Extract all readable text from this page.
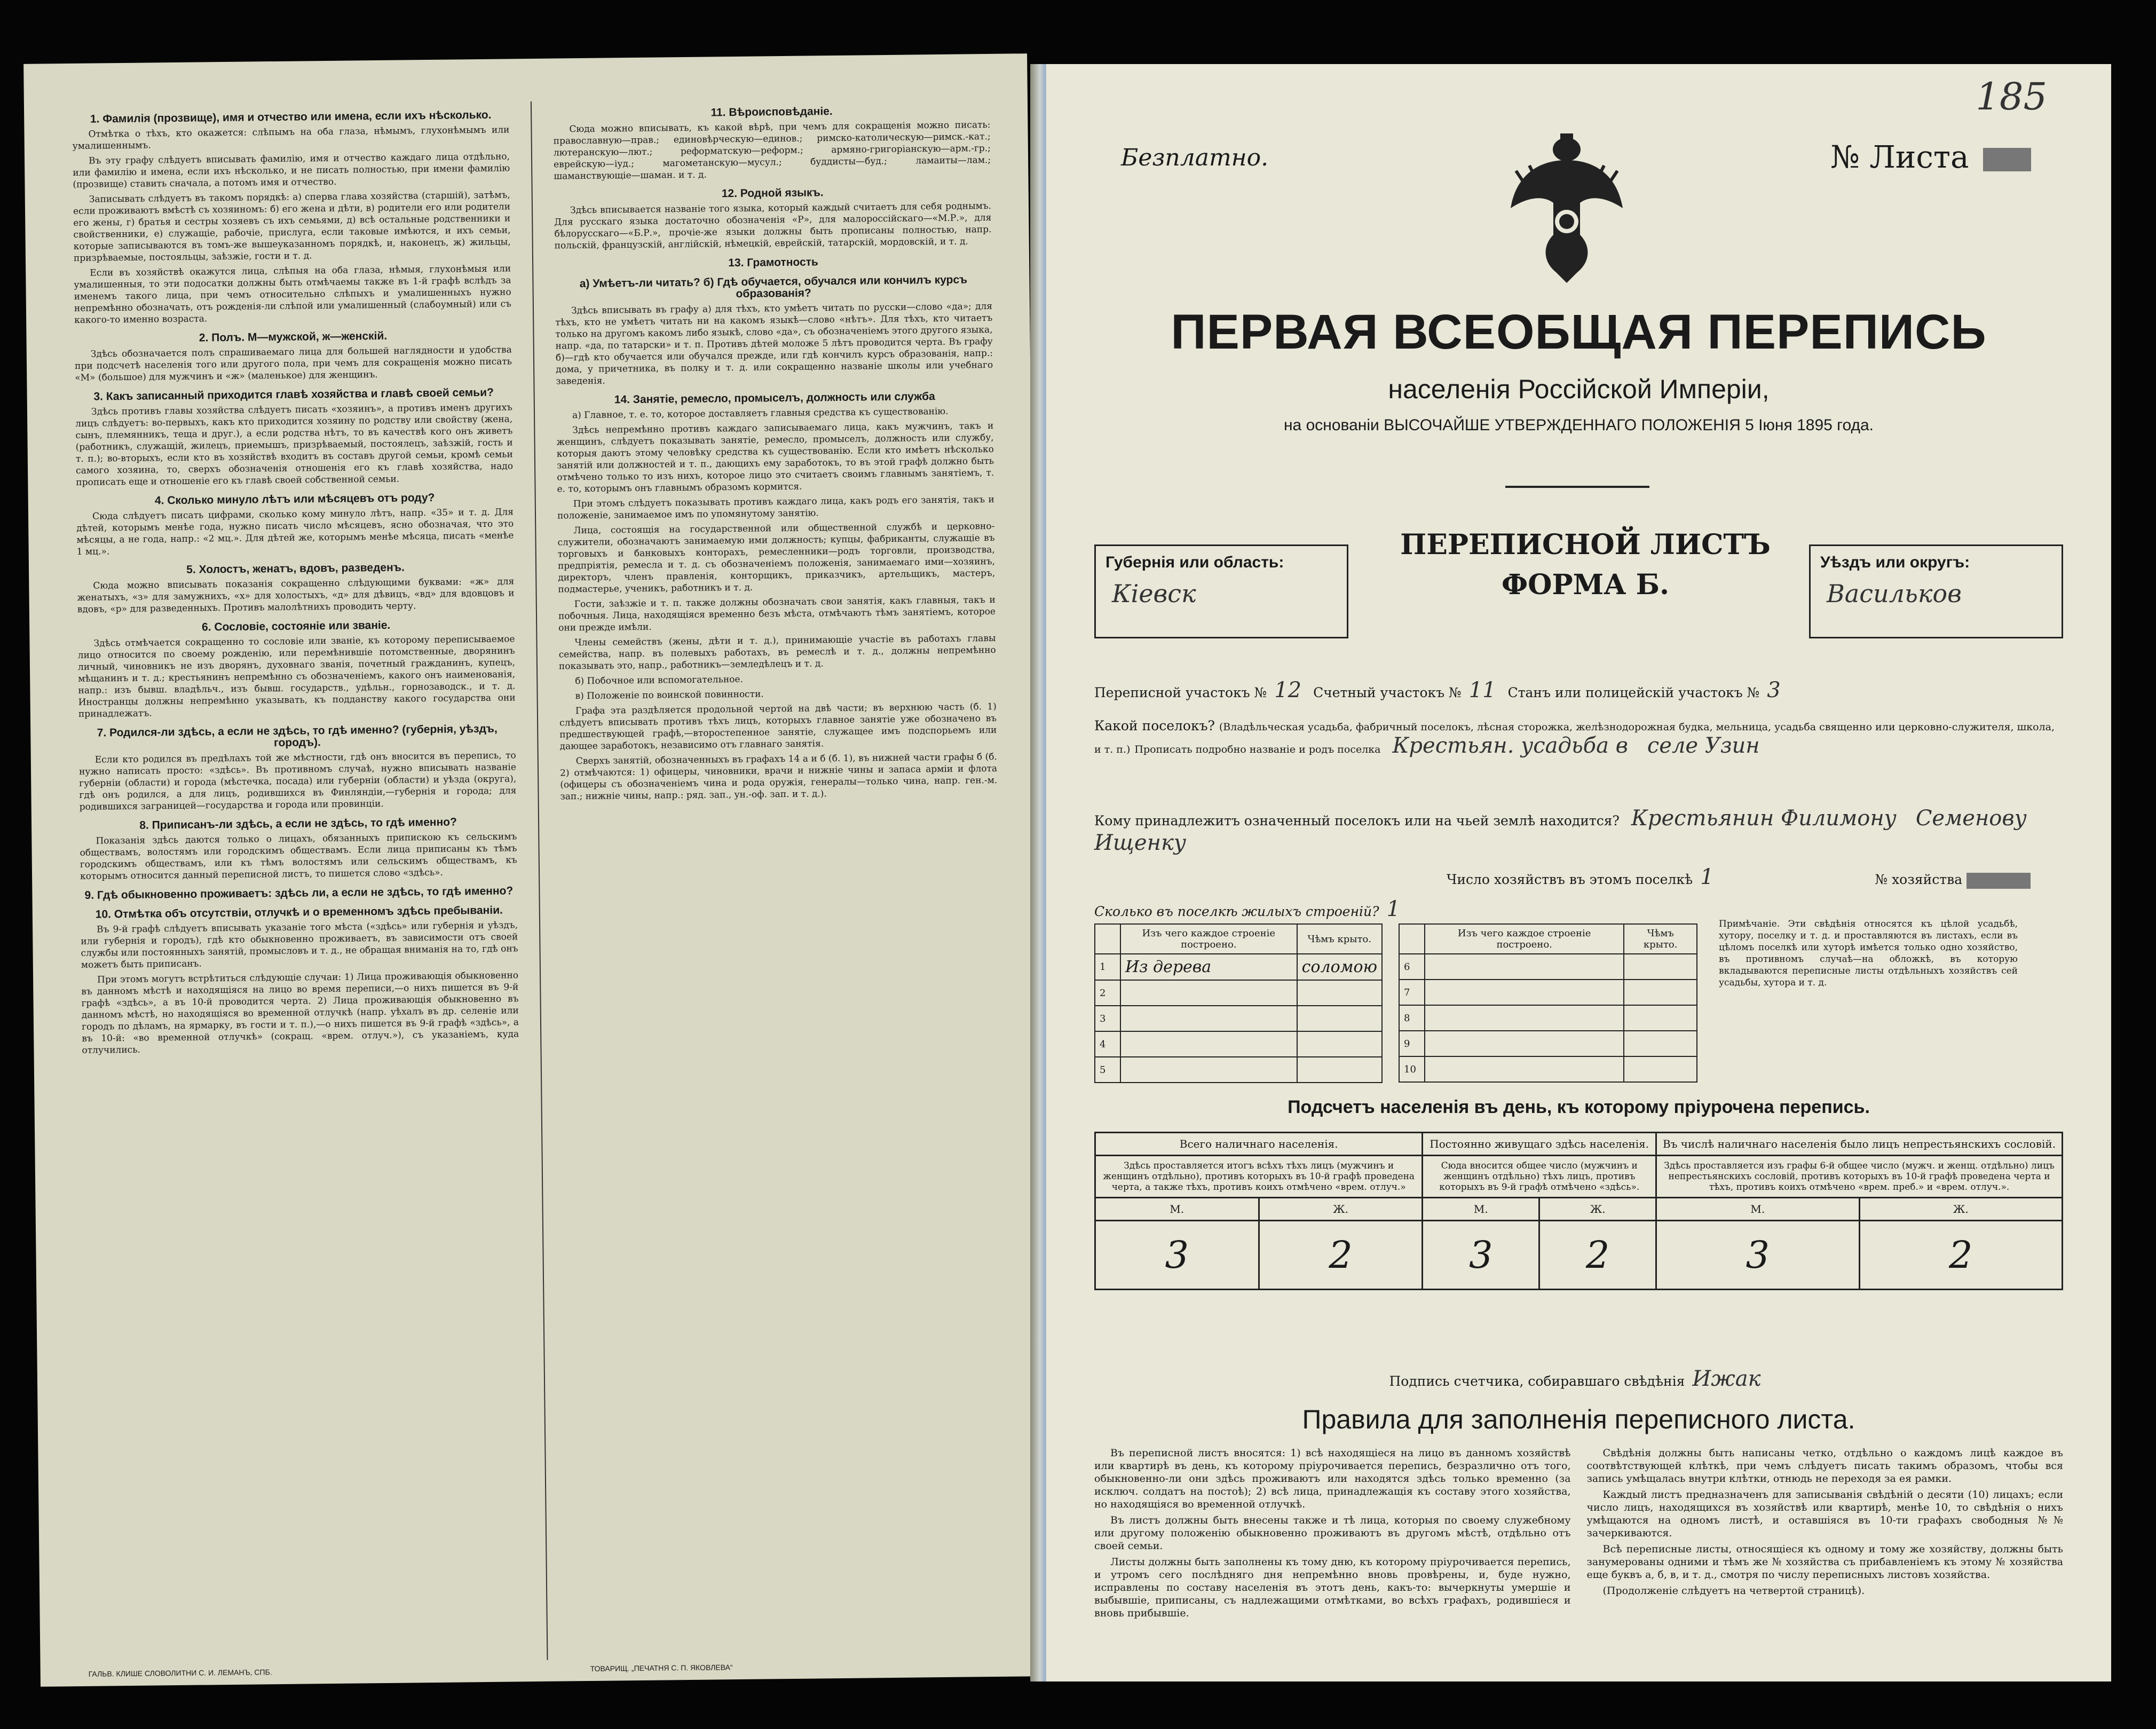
1. Фамилія (прозвище), имя и отчество или имена, если ихъ нѣсколько.

Отмѣтка о тѣхъ, кто окажется: слѣпымъ на оба глаза, нѣмымъ, глухонѣмымъ или умалишеннымъ.

Въ эту графу слѣдуетъ вписывать фамилію, имя и отчество каждаго лица отдѣльно, или фамилію и имена, если ихъ нѣсколько, и не писать полностью, при имени фамилію (прозвище) ставить сначала, а потомъ имя и отчество.

Записывать слѣдуетъ въ такомъ порядкѣ: а) сперва глава хозяйства (старшій), затѣмъ, если проживаютъ вмѣстѣ съ хозяиномъ: б) его жена и дѣти, в) родители его или родители его жены, г) братья и сестры хозяевъ съ ихъ семьями, д) всѣ остальные родственники и свойственники, е) служащіе, рабочіе, прислуга, если таковые имѣются, и ихъ семьи, которые записываются въ томъ-же вышеуказанномъ порядкѣ, и, наконецъ, ж) жильцы, призрѣваемые, постояльцы, заѣзжіе, гости и т. д.

Если въ хозяйствѣ окажутся лица, слѣпыя на оба глаза, нѣмыя, глухонѣмыя или умалишенныя, то эти подосатки должны быть отмѣчаемы также въ 1-й графѣ вслѣдъ за именемъ такого лица, при чемъ относительно слѣпыхъ и умалишенныхъ нужно непремѣнно обозначать, отъ рожденія-ли слѣпой или умалишенный (слабоумный) или съ какого-то именно возраста.

2. Полъ. М—мужской, ж—женскій.

Здѣсь обозначается полъ спрашиваемаго лица для большей наглядности и удобства при подсчетѣ населенія того или другого пола, при чемъ для сокращенія можно писать «М» (большое) для мужчинъ и «ж» (маленькое) для женщинъ.

3. Какъ записанный приходится главѣ хозяйства и главѣ своей семьи?

Здѣсь противъ главы хозяйства слѣдуетъ писать «хозяинъ», а противъ именъ другихъ лицъ слѣдуетъ: во-первыхъ, какъ кто приходится хозяину по родству или свойству (жена, сынъ, племянникъ, теща и друг.), а если родства нѣтъ, то въ качествѣ кого онъ живетъ (работникъ, служащій, жилецъ, приемышъ, призрѣваемый, постоялецъ, заѣзжій, гость и т. п.); во-вторыхъ, если кто въ хозяйствѣ входитъ въ составъ другой семьи, кромѣ семьи самого хозяина, то, сверхъ обозначенія отношенія его къ главѣ хозяйства, надо прописать еще и отношеніе его къ главѣ своей собственной семьи.

4. Сколько минуло лѣтъ или мѣсяцевъ отъ роду?

Сюда слѣдуетъ писать цифрами, сколько кому минуло лѣтъ, напр. «35» и т. д. Для дѣтей, которымъ менѣе года, нужно писать число мѣсяцевъ, ясно обозначая, что это мѣсяцы, а не года, напр.: «2 мц.». Для дѣтей же, которымъ менѣе мѣсяца, писать «менѣе 1 мц.».

5. Холостъ, женатъ, вдовъ, разведенъ.

Сюда можно вписывать показанія сокращенно слѣдующими буквами: «ж» для женатыхъ, «з» для замужнихъ, «х» для холостыхъ, «д» для дѣвицъ, «вд» для вдовцовъ и вдовъ, «р» для разведенныхъ. Противъ малолѣтнихъ проводить черту.

6. Сословіе, состояніе или званіе.

Здѣсь отмѣчается сокращенно то сословіе или званіе, къ которому переписываемое лицо относится по своему рожденію, или перемѣнившіе потомственные, дворянинъ личный, чиновникъ не изъ дворянъ, духовнаго званія, почетный гражданинъ, купецъ, мѣщанинъ и т. д.; крестьянинъ непремѣнно съ обозначеніемъ, какого онъ наименованія, напр.: изъ бывш. владѣльч., изъ бывш. государств., удѣльн., горнозаводск., и т. д. Иностранцы должны непремѣнно указывать, къ подданству какого государства они принадлежатъ.

7. Родился-ли здѣсь, а если не здѣсь, то гдѣ именно? (губернія, уѣздъ, городъ).

Если кто родился въ предѣлахъ той же мѣстности, гдѣ онъ вносится въ перепись, то нужно написать просто: «здѣсь». Въ противномъ случаѣ, нужно вписывать названіе губерніи (области) и города (мѣстечка, посада) или губерніи (области) и уѣзда (округа), гдѣ онъ родился, а для лицъ, родившихся въ Финляндіи,—губернія и города; для родившихся заграницей—государства и города или провинціи.

8. Приписанъ-ли здѣсь, а если не здѣсь, то гдѣ именно?

Показанія здѣсь даются только о лицахъ, обязанныхъ припискою къ сельскимъ обществамъ, волостямъ или городскимъ обществамъ. Если лица приписаны къ тѣмъ городскимъ обществамъ, или къ тѣмъ волостямъ или сельскимъ обществамъ, къ которымъ относится данный переписной листъ, то пишется слово «здѣсь».

9. Гдѣ обыкновенно проживаетъ: здѣсь ли, а если не здѣсь, то гдѣ именно?
10. Отмѣтка объ отсутствіи, отлучкѣ и о временномъ здѣсь пребываніи.

Въ 9-й графѣ слѣдуетъ вписывать указаніе того мѣста («здѣсь» или губернія и уѣздъ, или губернія и городъ), гдѣ кто обыкновенно проживаетъ, въ зависимости отъ своей службы или постоянныхъ занятій, промысловъ и т. д., не обращая вниманія на то, гдѣ онъ можетъ быть приписанъ.

При этомъ могутъ встрѣтиться слѣдующіе случаи: 1) Лица проживающія обыкновенно въ данномъ мѣстѣ и находящіяся на лицо во время переписи,—о нихъ пишется въ 9-й графѣ «здѣсь», а въ 10-й проводится черта. 2) Лица проживающія обыкновенно въ данномъ мѣстѣ, но находящіяся во временной отлучкѣ (напр. уѣхалъ въ др. селеніе или городъ по дѣламъ, на ярмарку, въ гости и т. п.),—о нихъ пишется въ 9-й графѣ «здѣсь», а въ 10-й: «во временной отлучкѣ» (сокращ. «врем. отлуч.»), съ указаніемъ, куда отлучились.

11. Вѣроисповѣданіе.

Сюда можно вписывать, къ какой вѣрѣ, при чемъ для сокращенія можно писать: православную—прав.; единовѣрческую—единов.; римско-католическую—римск.-кат.; лютеранскую—лют.; реформатскую—реформ.; армяно-григоріанскую—арм.-гр.; еврейскую—іуд.; магометанскую—мусул.; буддисты—буд.; ламаиты—лам.; шаманствующіе—шаман. и т. д.

12. Родной языкъ.

Здѣсь вписывается названіе того языка, который каждый считаетъ для себя роднымъ. Для русскаго языка достаточно обозначенія «Р», для малороссійскаго—«М.Р.», для бѣлорусскаго—«Б.Р.», прочіе-же языки должны быть прописаны полностью, напр. польскій, французскій, англійскій, нѣмецкій, еврейскій, татарскій, мордовскій, и т. д.

13. Грамотность
а) Умѣетъ-ли читать? б) Гдѣ обучается, обучался или кончилъ курсъ образованія?

Здѣсь вписывать въ графу а) для тѣхъ, кто умѣетъ читать по русски—слово «да»; для тѣхъ, кто не умѣетъ читать ни на какомъ языкѣ—слово «нѣтъ». Для тѣхъ, кто читаетъ только на другомъ какомъ либо языкѣ, слово «да», съ обозначеніемъ этого другого языка, напр. «да, по татарски» и т. п. Противъ дѣтей моложе 5 лѣтъ проводится черта. Въ графу б)—гдѣ кто обучается или обучался прежде, или гдѣ кончилъ курсъ образованія, напр.: дома, у причетника, въ полку и т. д. или сокращенно названіе школы или учебнаго заведенія.

14. Занятіе, ремесло, промыселъ, должность или служба

а) Главное, т. е. то, которое доставляетъ главныя средства къ существованію.

Здѣсь непремѣнно противъ каждаго записываемаго лица, какъ мужчинъ, такъ и женщинъ, слѣдуетъ показывать занятіе, ремесло, промыселъ, должность или службу, которыя даютъ этому человѣку средства къ существованію. Если кто имѣетъ нѣсколько занятій или должностей и т. п., дающихъ ему заработокъ, то въ этой графѣ должно быть отмѣчено только то изъ нихъ, которое лицо это считаетъ своимъ главнымъ занятіемъ, т. е. то, которымъ онъ главнымъ образомъ кормится.

При этомъ слѣдуетъ показывать противъ каждаго лица, какъ родъ его занятія, такъ и положеніе, занимаемое имъ по упомянутому занятію.

Лица, состоящія на государственной или общественной службѣ и церковно-служители, обозначаютъ занимаемую ими должность; купцы, фабриканты, служащіе въ торговыхъ и банковыхъ конторахъ, ремесленники—родъ торговли, производства, предпріятія, ремесла и т. д. съ обозначеніемъ положенія, занимаемаго ими—хозяинъ, директоръ, членъ правленія, конторщикъ, приказчикъ, артельщикъ, мастеръ, подмастерье, ученикъ, работникъ и т. д.

Гости, заѣзжіе и т. п. также должны обозначать свои занятія, какъ главныя, такъ и побочныя. Лица, находящіяся временно безъ мѣста, отмѣчаютъ тѣмъ занятіемъ, которое они прежде имѣли.

Члены семействъ (жены, дѣти и т. д.), принимающіе участіе въ работахъ главы семейства, напр. въ полевыхъ работахъ, въ ремеслѣ и т. д., должны непремѣнно показывать это, напр., работникъ—земледѣлецъ и т. д.

б) Побочное или вспомогательное.

в) Положеніе по воинской повинности.

Графа эта раздѣляется продольной чертой на двѣ части; въ верхнюю часть (б. 1) слѣдуетъ вписывать противъ тѣхъ лицъ, которыхъ главное занятіе уже обозначено въ предшествующей графѣ,—второстепенное занятіе, служащее имъ подспорьемъ или дающее заработокъ, независимо отъ главнаго занятія.

Сверхъ занятій, обозначенныхъ въ графахъ 14 а и б (б. 1), въ нижней части графы б (б. 2) отмѣчаются: 1) офицеры, чиновники, врачи и нижніе чины и запаса арміи и флота (офицеры съ обозначеніемъ чина и рода оружія, генералы—только чина, напр. ген.-м. зап.; нижніе чины, напр.: ряд. зап., ун.-оф. зап. и т. д.).

ГАЛЬВ. КЛИШЕ СЛОВОЛИТНИ С. И. ЛЕМАНЪ, СПБ.	ТОВАРИЩ. „ПЕЧАТНЯ С. П. ЯКОВЛЕВА“
185
Безплатно.	№ Листа
ПЕРВАЯ ВСЕОБЩАЯ ПЕРЕПИСЬ
населенія Россійской Имперіи,
на основаніи ВЫСОЧАЙШЕ УТВЕРЖДЕННАГО ПОЛОЖЕНІЯ 5 Іюня 1895 года.
Губернія или область:
Кіевск
ПЕРЕПИСНОЙ ЛИСТЪ
ФОРМА Б.
Уѣздъ или округъ:
Васильков
Переписной участокъ № 12 Счетный участокъ № 11 Станъ или полицейскій участокъ № 3
Какой поселокъ? (Владѣльческая усадьба, фабричный поселокъ, лѣсная сторожка, желѣзнодорожная будка, мельница, усадьба священно или церковно-служителя, школа, и т. п.) Прописать подробно названіе и родъ поселка Крестьян. усадьба в селе Узин
Кому принадлежитъ означенный поселокъ или на чьей землѣ находится? Крестьянин Филимону Семенову Ищенку
Число хозяйствъ въ этомъ поселкѣ 1	№ хозяйства
Сколько въ поселкѣ жилыхъ строеній? 1
	Изъ чего каждое строеніе построено.	Чѣмъ крыто.
1	Из дерева	соломою
2		
3		
4		
5		
	Изъ чего каждое строеніе построено.	Чѣмъ крыто.
6		
7		
8		
9		
10		
Примѣчаніе. Эти свѣдѣнія относятся къ цѣлой усадьбѣ, хутору, поселку и т. д. и проставляются въ листахъ, если въ цѣломъ поселкѣ или хуторѣ имѣется только одно хозяйство, въ противномъ случаѣ—на обложкѣ, въ которую вкладываются переписные листы отдѣльныхъ хозяйствъ сей усадьбы, хутора и т. д.
Подсчетъ населенія въ день, къ которому пріурочена перепись.
Всего наличнаго населенія.		Постоянно живущаго здѣсь населенія.		Въ числѣ наличнаго населенія было лицъ непрестьянскихъ сословій.	
Здѣсь проставляется итогъ всѣхъ тѣхъ лицъ (мужчинъ и женщинъ отдѣльно), противъ которыхъ въ 10-й графѣ проведена черта, а также тѣхъ, противъ коихъ отмѣчено «врем. отлуч.»		Сюда вносится общее число (мужчинъ и женщинъ отдѣльно) тѣхъ лицъ, противъ которыхъ въ 9-й графѣ отмѣчено «здѣсь».		Здѣсь проставляется изъ графы 6-й общее число (мужч. и женщ. отдѣльно) лицъ непрестьянскихъ сословій, противъ которыхъ въ 10-й графѣ проведена черта и тѣхъ, противъ коихъ отмѣчено «врем. преб.» и «врем. отлуч.».	
М.	Ж.	М.	Ж.	М.	Ж.
3	2	3	2	3	2
Подпись счетчика, собиравшаго свѣдѣнія Ижак
Правила для заполненія переписного листа.

Въ переписной листъ вносятся: 1) всѣ находящіеся на лицо въ данномъ хозяйствѣ или квартирѣ въ день, къ которому пріурочивается перепись, безразлично отъ того, обыкновенно-ли они здѣсь проживаютъ или находятся здѣсь только временно (за исключ. солдатъ на постоѣ); 2) всѣ лица, принадлежащія къ составу этого хозяйства, но находящіяся во временной отлучкѣ.

Въ листъ должны быть внесены также и тѣ лица, которыя по своему служебному или другому положенію обыкновенно проживаютъ въ другомъ мѣстѣ, отдѣльно отъ своей семьи.

Листы должны быть заполнены къ тому дню, къ которому пріурочивается перепись, и утромъ сего послѣдняго дня непремѣнно вновь провѣрены, и, буде нужно, исправлены по составу населенія въ этотъ день, какъ-то: вычеркнуты умершіе и выбывшіе, приписаны, съ надлежащими отмѣтками, во всѣхъ графахъ, родившіеся и вновь прибывшіе.

Свѣдѣнія должны быть написаны четко, отдѣльно о каждомъ лицѣ каждое въ соотвѣтствующей клѣткѣ, при чемъ слѣдуетъ писать такимъ образомъ, чтобы вся запись умѣщалась внутри клѣтки, отнюдь не переходя за ея рамки.

Каждый листъ предназначенъ для записыванія свѣдѣній о десяти (10) лицахъ; если число лицъ, находящихся въ хозяйствѣ или квартирѣ, менѣе 10, то свѣдѣнія о нихъ умѣщаются на одномъ листѣ, и оставшіяся въ 10-ти графахъ свободныя №№ зачеркиваются.

Всѣ переписные листы, относящіеся къ одному и тому же хозяйству, должны быть занумерованы одними и тѣмъ же № хозяйства съ прибавленіемъ къ этому № хозяйства еще буквъ а, б, в, и т. д., смотря по числу переписныхъ листовъ хозяйства.

(Продолженіе слѣдуетъ на четвертой страницѣ).
